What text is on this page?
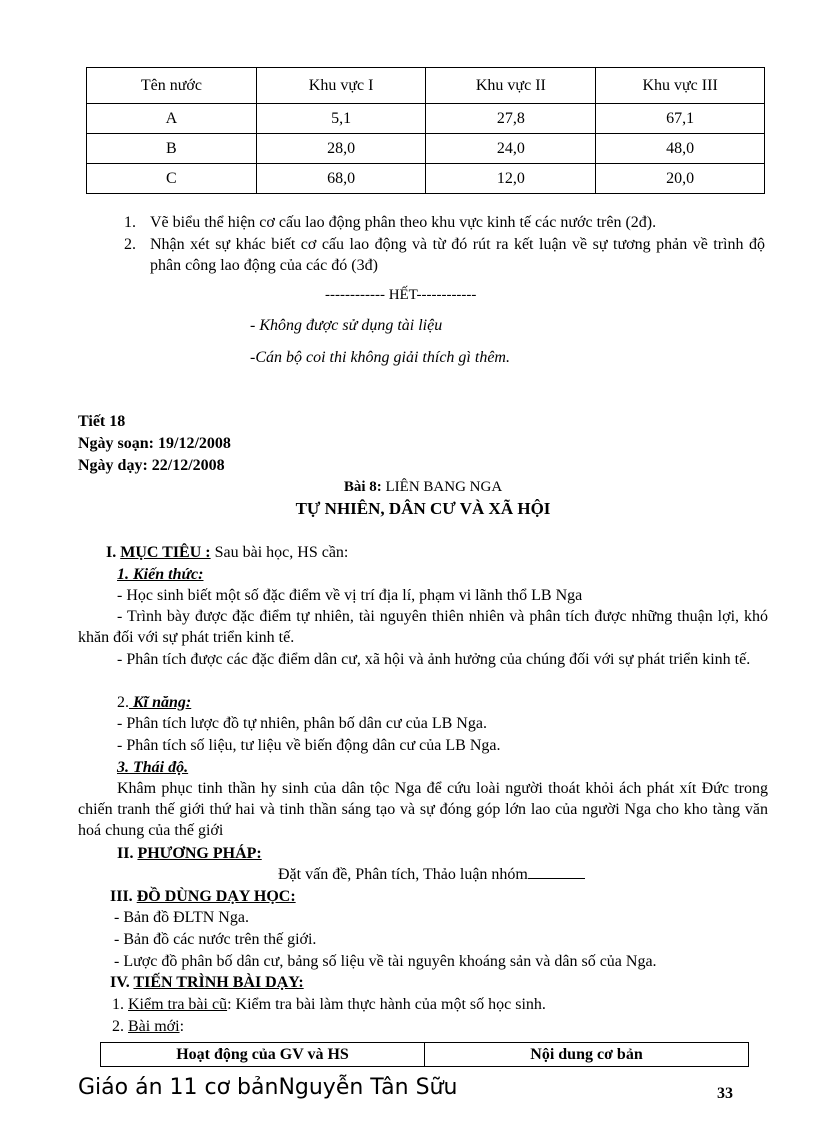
Tên nước	Khu vực I	Khu vực II	Khu vực III
A	5,1	27,8	67,1
B	28,0	24,0	48,0
C	68,0	12,0	20,0
1. Vẽ biểu thể hiện cơ cấu lao động phân theo khu vực kinh tế các nước trên (2đ).
2. Nhận xét sự khác biết cơ cấu lao động và từ đó rút ra kết luận về sự tương phản về trình độ phân công lao động của các đó (3đ)
------------ HẾT------------
- Không được sử dụng tài liệu
-Cán bộ coi thi không giải thích gì thêm.
Tiết 18
Ngày soạn: 19/12/2008
Ngày dạy: 22/12/2008
Bài 8: LIÊN BANG NGA
TỰ NHIÊN, DÂN CƯ VÀ XÃ HỘI
I. MỤC TIÊU : Sau bài học, HS cần:
1. Kiến thức:
- Học sinh biết một số đặc điểm về vị trí địa lí, phạm vi lãnh thổ LB Nga
- Trình bày được đặc điểm tự nhiên, tài nguyên thiên nhiên và phân tích được những thuận lợi, khó khăn đối với sự phát triển kinh tế.
- Phân tích được các đặc điểm dân cư, xã hội và ảnh hưởng của chúng đối với sự phát triển kinh tế.
2. Kĩ năng:
- Phân tích lược đồ tự nhiên, phân bố dân cư của LB Nga.
- Phân tích số liệu, tư liệu về biến động dân cư của LB Nga.
3. Thái độ.
Khâm phục tinh thần hy sinh của dân tộc Nga để cứu loài người thoát khỏi ách phát xít Đức trong chiến tranh thế giới thứ hai và tinh thần sáng tạo và sự đóng góp lớn lao của người Nga cho kho tàng văn hoá chung của thế giới
II. PHƯƠNG PHÁP:
Đặt vấn đề, Phân tích, Thảo luận nhóm
III. ĐỒ DÙNG DẠY HỌC:
- Bản đồ ĐLTN Nga.
- Bản đồ các nước trên thế giới.
- Lược đồ phân bố dân cư, bảng số liệu về tài nguyên khoáng sản và dân số của Nga.
IV. TIẾN TRÌNH BÀI DẠY:
1. Kiểm tra bài cũ: Kiểm tra bài làm thực hành của một số học sinh.
2. Bài mới:
Hoạt động của GV và HS	Nội dung cơ bản
Giáo án 11 cơ bảnNguyễn Tân Sữu	33
